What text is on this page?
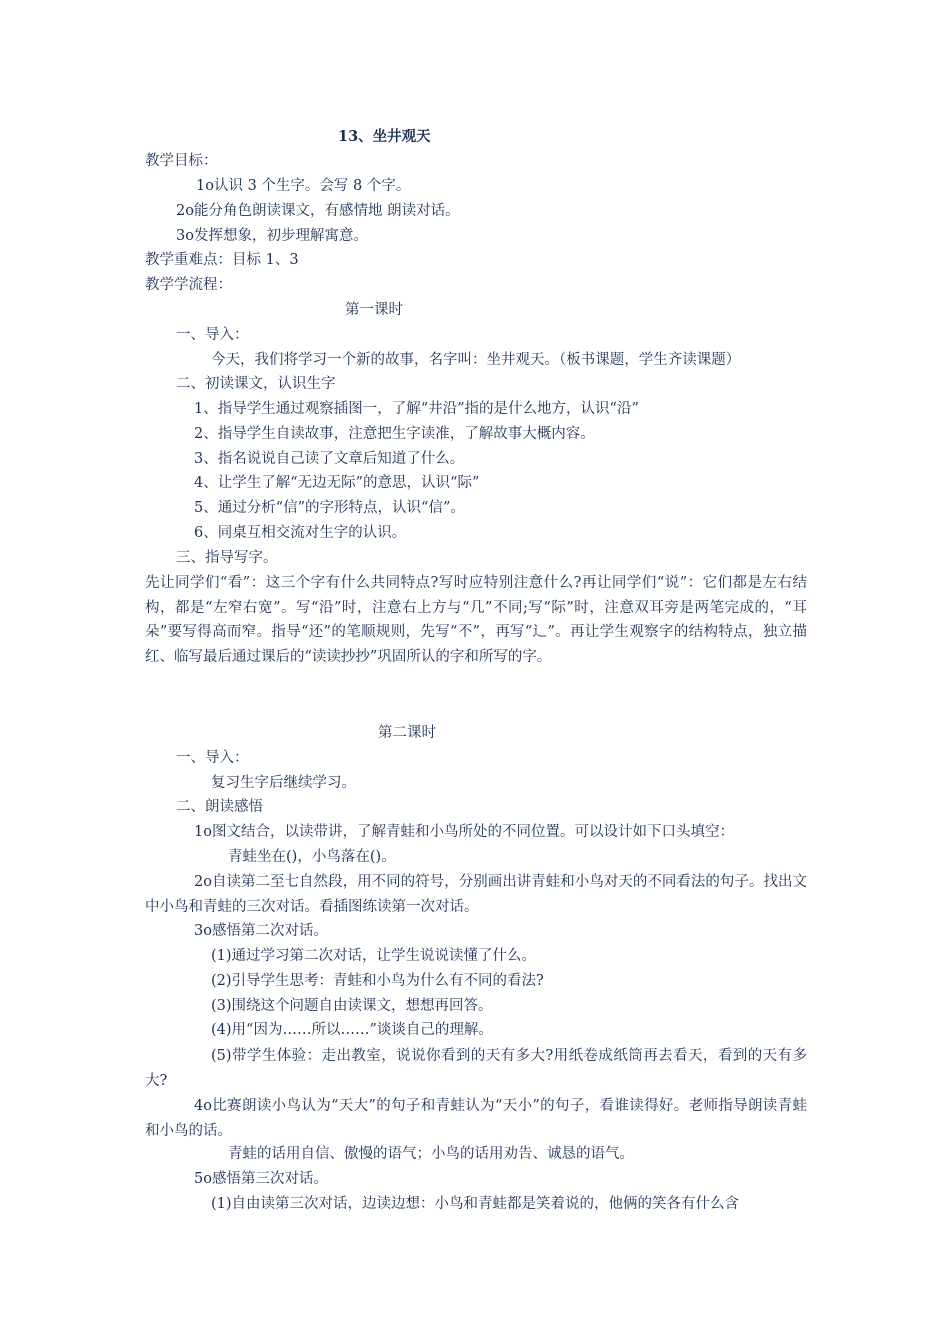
13、坐井观天
教学目标：
1o认识 3 个生字。会写 8 个字。
2o能分角色朗读课文，有感情地 朗读对话。
3o发挥想象，初步理解寓意。
教学重难点：目标 1、3
教学学流程：
第一课时
一、导入：
今天，我们将学习一个新的故事，名字叫：坐井观天。（板书课题，学生齐读课题）
二、初读课文，认识生字
1、指导学生通过观察插图一，了解“井沿”指的是什么地方，认识“沿”
2、指导学生自读故事，注意把生字读准，了解故事大概内容。
3、指名说说自己读了文章后知道了什么。
4、让学生了解“无边无际”的意思，认识“际”
5、通过分析“信”的字形特点，认识“信”。
6、同桌互相交流对生字的认识。
三、指导写字。
先让同学们“看”：这三个字有什么共同特点?写时应特别注意什么?再让同学们“说”：它们都是左右结构，都是“左窄右宽”。写“沿”时，注意右上方与“几”不同;写“际”时，注意双耳旁是两笔完成的，“耳朵”要写得高而窄。指导“还”的笔顺规则，先写“不”，再写“辶”。再让学生观察字的结构特点，独立描红、临写最后通过课后的“读读抄抄”巩固所认的字和所写的字。
第二课时
一、导入：
复习生字后继续学习。
二、朗读感悟
1o图文结合，以读带讲，了解青蛙和小鸟所处的不同位置。可以设计如下口头填空：
青蛙坐在()，小鸟落在()。
2o自读第二至七自然段，用不同的符号，分别画出讲青蛙和小鸟对天的不同看法的句子。找出文中小鸟和青蛙的三次对话。看插图练读第一次对话。
3o感悟第二次对话。
(1)通过学习第二次对话，让学生说说读懂了什么。
(2)引导学生思考：青蛙和小鸟为什么有不同的看法?
(3)围绕这个问题自由读课文，想想再回答。
(4)用“因为……所以……”谈谈自己的理解。
(5)带学生体验：走出教室，说说你看到的天有多大?用纸卷成纸筒再去看天，看到的天有多大?
4o比赛朗读小鸟认为“天大”的句子和青蛙认为“天小”的句子，看谁读得好。老师指导朗读青蛙和小鸟的话。
青蛙的话用自信、傲慢的语气；小鸟的话用劝告、诚恳的语气。
5o感悟第三次对话。
(1)自由读第三次对话，边读边想：小鸟和青蛙都是笑着说的，他俩的笑各有什么含
